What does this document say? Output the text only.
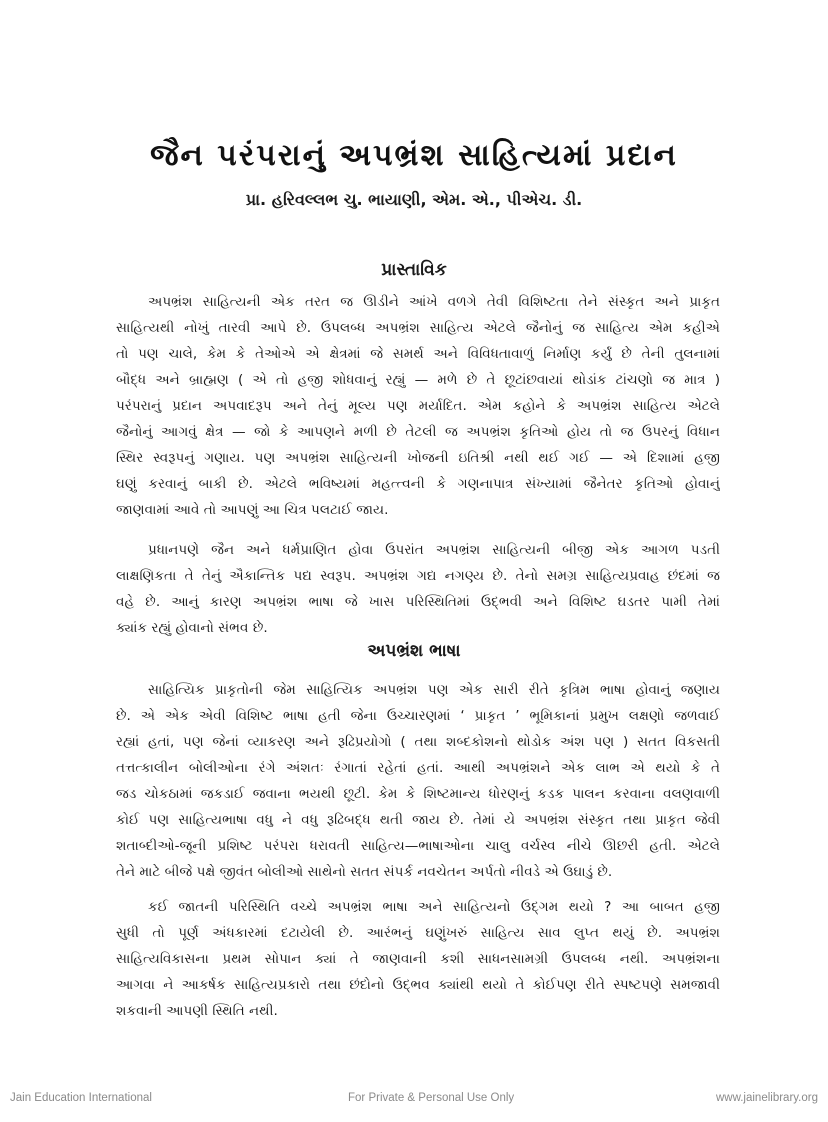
જૈન પરંપરાનું અપભ્રંશ સાહિત્યમાં પ્રદાન
પ્રા. હરિવલ્લભ ચુ. ભાયાણી, એમ. એ., પીએચ. ડી.
પ્રાસ્તાવિક
અપભ્રંશ સાહિત્યની એક તરત જ ઊડીને આંખે વળગે તેવી વિશિષ્ટતા તેને સંસ્કૃત અને પ્રાકૃત
સાહિત્યથી નોખું તારવી આપે છે. ઉપલબ્ધ અપભ્રંશ સાહિત્ય એટલે જૈનોનું જ સાહિત્ય એમ કહીએ
તો પણ ચાલે, કેમ કે તેઓએ એ ક્ષેત્રમાં જે સમર્થ અને વિવિધતાવાળું નિર્માણ કર્યું છે તેની તુલનામાં
બૌદ્ધ અને બ્રાહ્મણ ( એ તો હજી શોધવાનું રહ્યું — મળે છે તે છૂટાંછવાયાં થોડાંક ટાંચણો જ માત્ર )
પરંપરાનું પ્રદાન અપવાદરૂપ અને તેનું મૂલ્ય પણ મર્યાદિત. એમ કહોને કે અપભ્રંશ સાહિત્ય એટલે
જૈનોનું આગવું ક્ષેત્ર — જો કે આપણને મળી છે તેટલી જ અપભ્રંશ કૃતિઓ હોય તો જ ઉપરનું વિધાન
સ્થિર સ્વરૂપનું ગણાય. પણ અપભ્રંશ સાહિત્યની ખોજની ઇતિશ્રી નથી થઈ ગઈ — એ દિશામાં હજી
ઘણું કરવાનું બાકી છે. એટલે ભવિષ્યમાં મહત્ત્વની કે ગણનાપાત્ર સંખ્યામાં જૈનેતર કૃતિઓ હોવાનું
જાણવામાં આવે તો આપણું આ ચિત્ર પલટાઈ જાય.
પ્રધાનપણે જૈન અને ધર્મપ્રાણિત હોવા ઉપરાંત અપભ્રંશ સાહિત્યની બીજી એક આગળ પડતી
લાક્ષણિકતા તે તેનું ઐકાન્તિક પદ્ય સ્વરૂપ. અપભ્રંશ ગદ્ય નગણ્ય છે. તેનો સમગ્ર સાહિત્યપ્રવાહ છંદમાં જ
વહે છે. આનું કારણ અપભ્રંશ ભાષા જે ખાસ પરિસ્થિતિમાં ઉદ્ભવી અને વિશિષ્ટ ઘડતર પામી તેમાં
ક્યાંક રહ્યું હોવાનો સંભવ છે.
અપભ્રંશ ભાષા
સાહિત્યિક પ્રાકૃતોની જેમ સાહિત્યિક અપભ્રંશ પણ એક સારી રીતે કૃત્રિમ ભાષા હોવાનું જણાય
છે. એ એક એવી વિશિષ્ટ ભાષા હતી જેના ઉચ્ચારણમાં ‘ પ્રાકૃત ’ ભૂમિકાનાં પ્રમુખ લક્ષણો જળવાઈ
રહ્યાં હતાં, પણ જેનાં વ્યાકરણ અને રૂઢિપ્રયોગો ( તથા શબ્દકોશનો થોડોક અંશ પણ ) સતત વિકસતી
તત્તત્કાલીન બોલીઓના રંગે અંશતઃ રંગાતાં રહેતાં હતાં. આથી અપભ્રંશને એક લાભ એ થયો કે તે
જડ ચોકઠામાં જકડાઈ જવાના ભયથી છૂટી. કેમ કે શિષ્ટમાન્ય ધોરણનું કડક પાલન કરવાના વલણવાળી
કોઈ પણ સાહિત્યભાષા વધુ ને વધુ રૂઢિબદ્ધ થતી જાય છે. તેમાં યે અપભ્રંશ સંસ્કૃત તથા પ્રાકૃત જેવી
શતાબ્દીઓ-જૂની પ્રશિષ્ટ પરંપરા ધરાવતી સાહિત્ય—ભાષાઓના ચાલુ વર્ચસ્વ નીચે ઊછરી હતી. એટલે
તેને માટે બીજે પક્ષે જીવંત બોલીઓ સાથેનો સતત સંપર્ક નવચેતન અર્પતો નીવડે એ ઉઘાડું છે.
કઈ જાતની પરિસ્થિતિ વચ્ચે અપભ્રંશ ભાષા અને સાહિત્યનો ઉદ્ગમ થયો ? આ બાબત હજી
સુધી તો પૂર્ણ અંધકારમાં દટાયેલી છે. આરંભનું ઘણુંખરું સાહિત્ય સાવ લુપ્ત થયું છે. અપભ્રંશ
સાહિત્યવિકાસના પ્રથમ સોપાન ક્યાં તે જાણવાની કશી સાધનસામગ્રી ઉપલબ્ધ નથી. અપભ્રંશના
આગવા ને આકર્ષક સાહિત્યપ્રકારો તથા છંદોનો ઉદ્ભવ ક્યાંથી થયો તે કોઈપણ રીતે સ્પષ્ટપણે સમજાવી
શકવાની આપણી સ્થિતિ નથી.
Jain Education International	For Private & Personal Use Only	www.jainelibrary.org
